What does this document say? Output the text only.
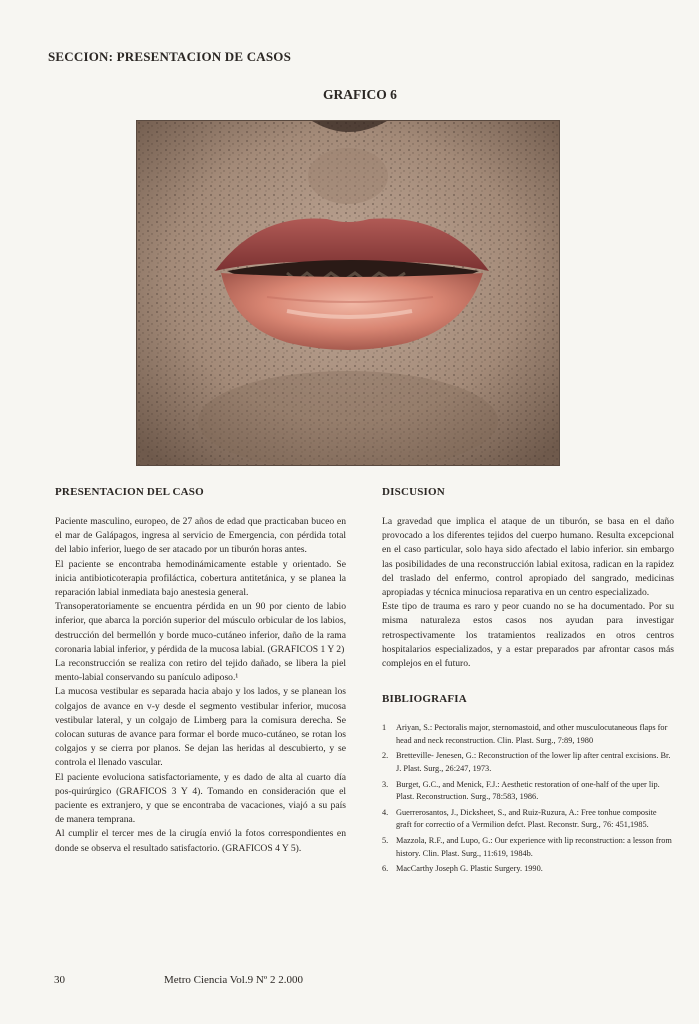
SECCION: PRESENTACION DE CASOS
GRAFICO 6
PRESENTACION DEL CASO

Paciente masculino, europeo, de 27 años de edad que practicaban buceo en el mar de Galápagos, ingresa al servicio de Emergencia, con pérdida total del labio inferior, luego de ser atacado por un tiburón horas antes.

El paciente se encontraba hemodinámicamente estable y orientado. Se inicia antibioticoterapia profiláctica, cobertura antitetánica, y se planea la reparación labial inmediata bajo anestesia general.

Transoperatoriamente se encuentra pérdida en un 90 por ciento de labio inferior, que abarca la porción superior del músculo orbicular de los labios, destrucción del bermellón y borde muco-cutáneo inferior, daño de la rama coronaria labial inferior, y pérdida de la mucosa labial. (GRAFICOS 1 Y 2)

La reconstrucción se realiza con retiro del tejido dañado, se libera la piel mento-labial conservando su panículo adiposo.¹

La mucosa vestibular es separada hacia abajo y los lados, y se planean los colgajos de avance en v-y desde el segmento vestibular inferior, mucosa vestibular lateral, y un colgajo de Limberg para la comisura derecha. Se colocan suturas de avance para formar el borde muco-cutáneo, se rotan los colgajos y se cierra por planos. Se dejan las heridas al descubierto, y se controla el llenado vascular.

El paciente evoluciona satisfactoriamente, y es dado de alta al cuarto día pos-quirúrgico (GRAFICOS 3 Y 4). Tomando en consideración que el paciente es extranjero, y que se encontraba de vacaciones, viajó a su país de manera temprana.

Al cumplir el tercer mes de la cirugía envió la fotos correspondientes en donde se observa el resultado satisfactorio. (GRAFICOS 4 Y 5).

DISCUSION

La gravedad que implica el ataque de un tiburón, se basa en el daño provocado a los diferentes tejidos del cuerpo humano. Resulta excepcional en el caso particular, solo haya sido afectado el labio inferior. sin embargo las posibilidades de una reconstrucción labial exitosa, radican en la rapidez del traslado del enfermo, control apropiado del sangrado, medicinas apropiadas y técnica minuciosa reparativa en un centro especializado.

Este tipo de trauma es raro y peor cuando no se ha documentado. Por su misma naturaleza estos casos nos ayudan para investigar retrospectivamente los tratamientos realizados en otros centros hospitalarios especializados, y a estar preparados par afrontar casos más complejos en el futuro.

BIBLIOGRAFIA
1 Ariyan, S.: Pectoralis major, sternomastoid, and other musculocutaneous flaps for head and neck reconstruction. Clin. Plast. Surg., 7:89, 1980
2. Bretteville- Jenesen, G.: Reconstruction of the lower lip after central excisions. Br. J. Plast. Surg., 26:247, 1973.
3. Burget, G.C., and Menick, F.J.: Aesthetic restoration of one-half of the uper lip. Plast. Reconstruction. Surg., 78:583, 1986.
4. Guerrerosantos, J., Dicksheet, S., and Ruiz-Ruzura, A.: Free tonhue composite graft for correctio of a Vermilion defct. Plast. Reconstr. Surg., 76: 451,1985.
5. Mazzola, R.F., and Lupo, G.: Our experience with lip reconstruction: a lesson from history. Clin. Plast. Surg., 11:619, 1984b.
6. MacCarthy Joseph G. Plastic Surgery. 1990.
30	Metro Ciencia Vol.9 Nº 2 2.000
